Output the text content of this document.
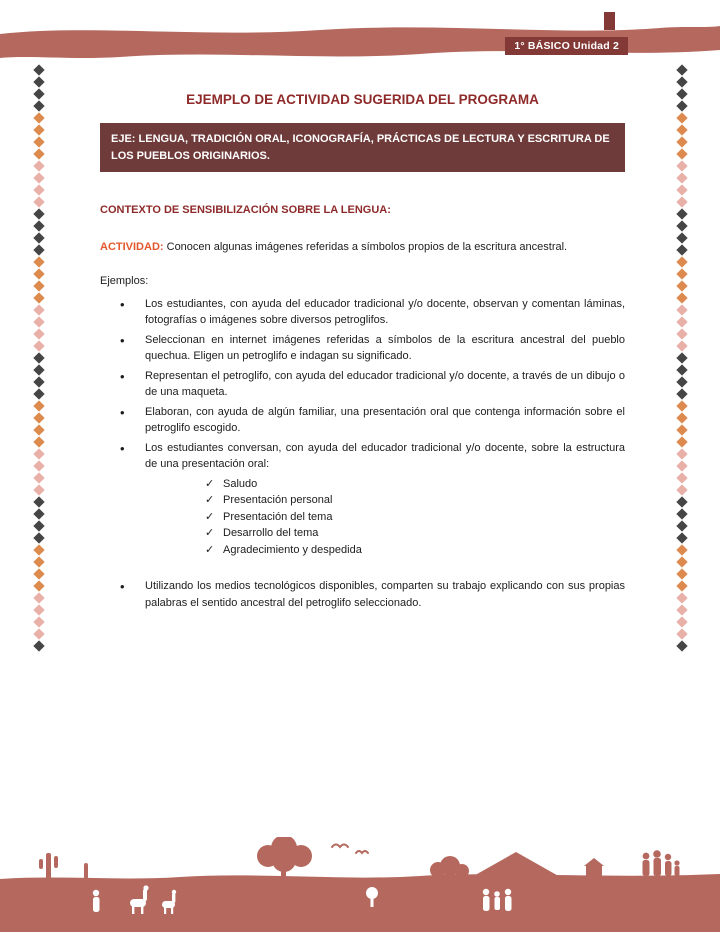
1° BÁSICO Unidad 2
EJEMPLO DE ACTIVIDAD SUGERIDA DEL PROGRAMA
EJE: LENGUA, TRADICIÓN ORAL, ICONOGRAFÍA, PRÁCTICAS DE LECTURA Y ESCRITURA DE LOS PUEBLOS ORIGINARIOS.
CONTEXTO DE SENSIBILIZACIÓN SOBRE LA LENGUA:

ACTIVIDAD: Conocen algunas imágenes referidas a símbolos propios de la escritura ancestral.

Ejemplos:

• Los estudiantes, con ayuda del educador tradicional y/o docente, observan y comentan láminas, fotografías o imágenes sobre diversos petroglifos.
• Seleccionan en internet imágenes referidas a símbolos de la escritura ancestral del pueblo quechua. Eligen un petroglifo e indagan su significado.
• Representan el petroglifo, con ayuda del educador tradicional y/o docente, a través de un dibujo o de una maqueta.
• Elaboran, con ayuda de algún familiar, una presentación oral que contenga información sobre el petroglifo escogido.
• Los estudiantes conversan, con ayuda del educador tradicional y/o docente, sobre la estructura de una presentación oral:
✓ Saludo
✓ Presentación personal
✓ Presentación del tema
✓ Desarrollo del tema
✓ Agradecimiento y despedida
• Utilizando los medios tecnológicos disponibles, comparten su trabajo explicando con sus propias palabras el sentido ancestral del petroglifo seleccionado.
